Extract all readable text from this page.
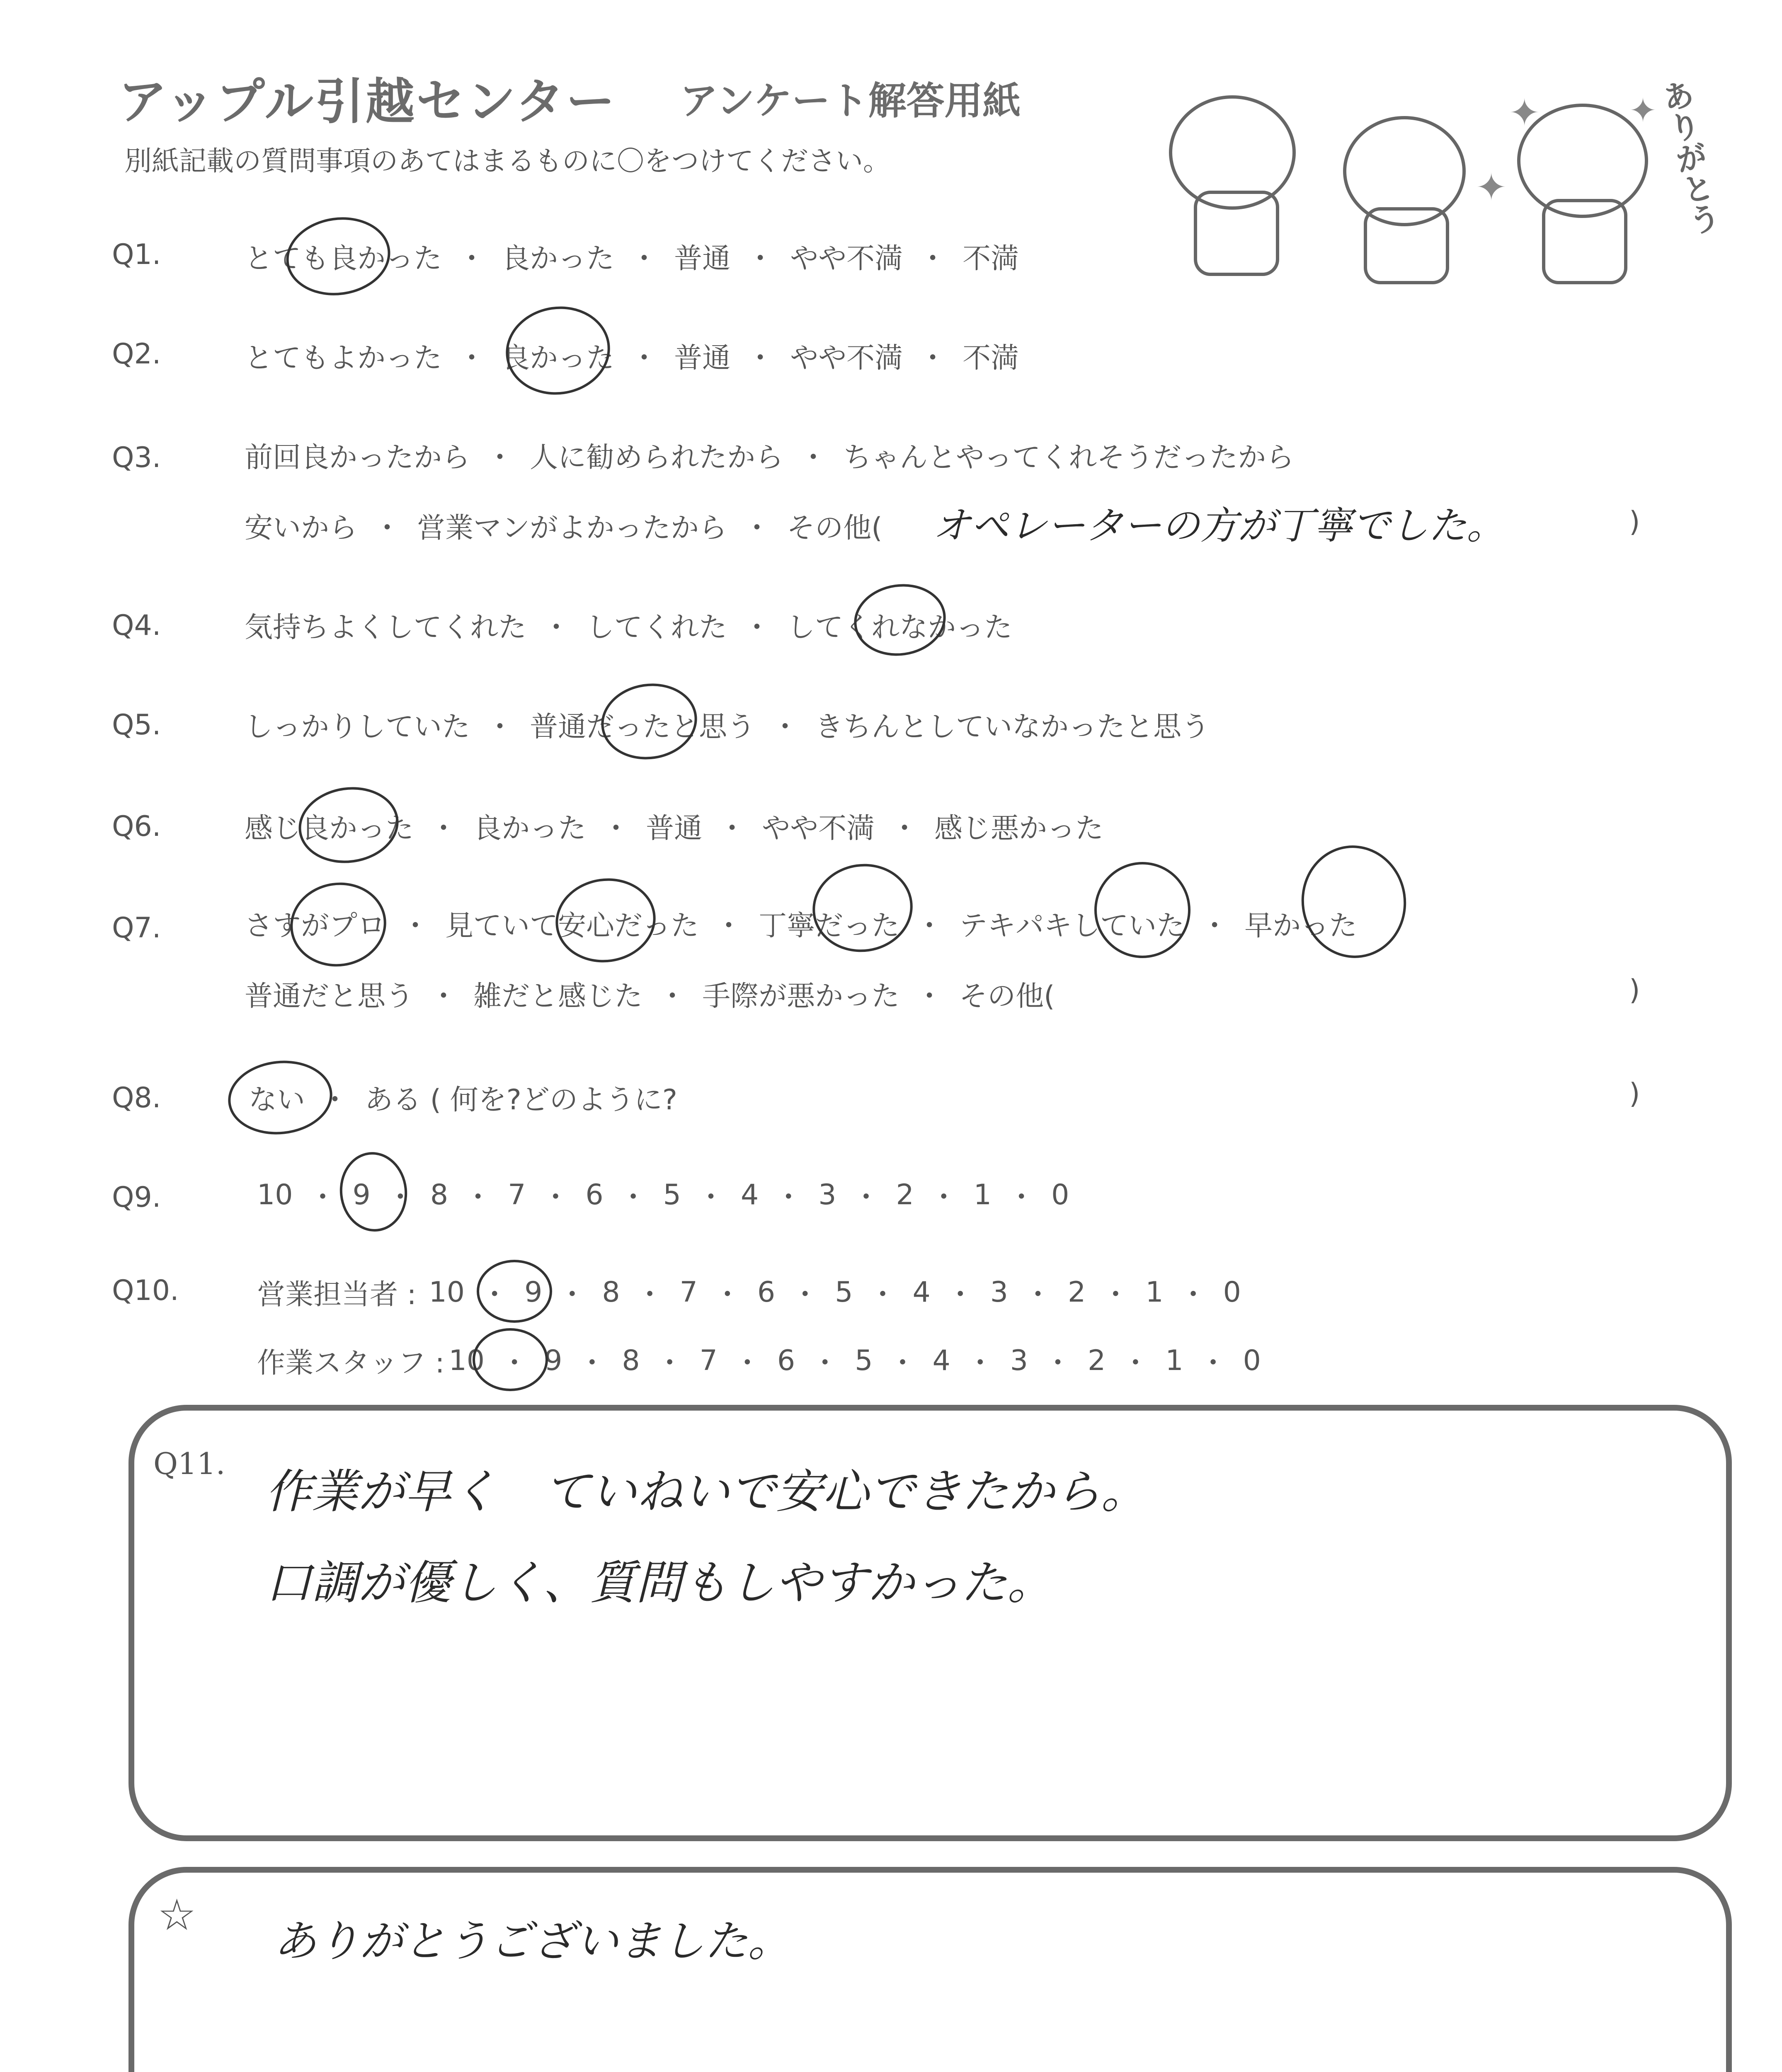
アップル引越センター アンケート解答用紙
別紙記載の質問事項のあてはまるものに〇をつけてください。	ありがとう
✦	✦
✦
Q1.	とても良かった ・ 良かった ・ 普通 ・ やや不満 ・ 不満
Q2.	とてもよかった ・ 良かった ・ 普通 ・ やや不満 ・ 不満
Q3.	前回良かったから ・ 人に勧められたから ・ ちゃんとやってくれそうだったから
安いから ・ 営業マンがよかったから ・ その他( オペレーターの方が丁寧でした。	)
Q4.	気持ちよくしてくれた ・ してくれた ・ してくれなかった
Q5.	しっかりしていた ・ 普通だったと思う ・ きちんとしていなかったと思う
Q6.	感じ良かった ・ 良かった ・ 普通 ・ やや不満 ・ 感じ悪かった
Q7.	さすがプロ ・ 見ていて安心だった ・ 丁寧だった ・ テキパキしていた ・ 早かった
普通だと思う ・ 雑だと感じた ・ 手際が悪かった ・ その他(	)
Q8.	ない ・ ある ( 何を?どのように?	)
Q9.	10 ・ 9 ・ 8 ・ 7 ・ 6 ・ 5 ・ 4 ・ 3 ・ 2 ・ 1 ・ 0
Q10.	営業担当者 : 10 ・ 9 ・ 8 ・ 7 ・ 6 ・ 5 ・ 4 ・ 3 ・ 2 ・ 1 ・ 0
作業スタッフ : 10 ・ 9 ・ 8 ・ 7 ・ 6 ・ 5 ・ 4 ・ 3 ・ 2 ・ 1 ・ 0
Q11.
作業が早く　ていねいで安心できたから。
口調が優しく、質問もしやすかった。
☆
ありがとうございました。
